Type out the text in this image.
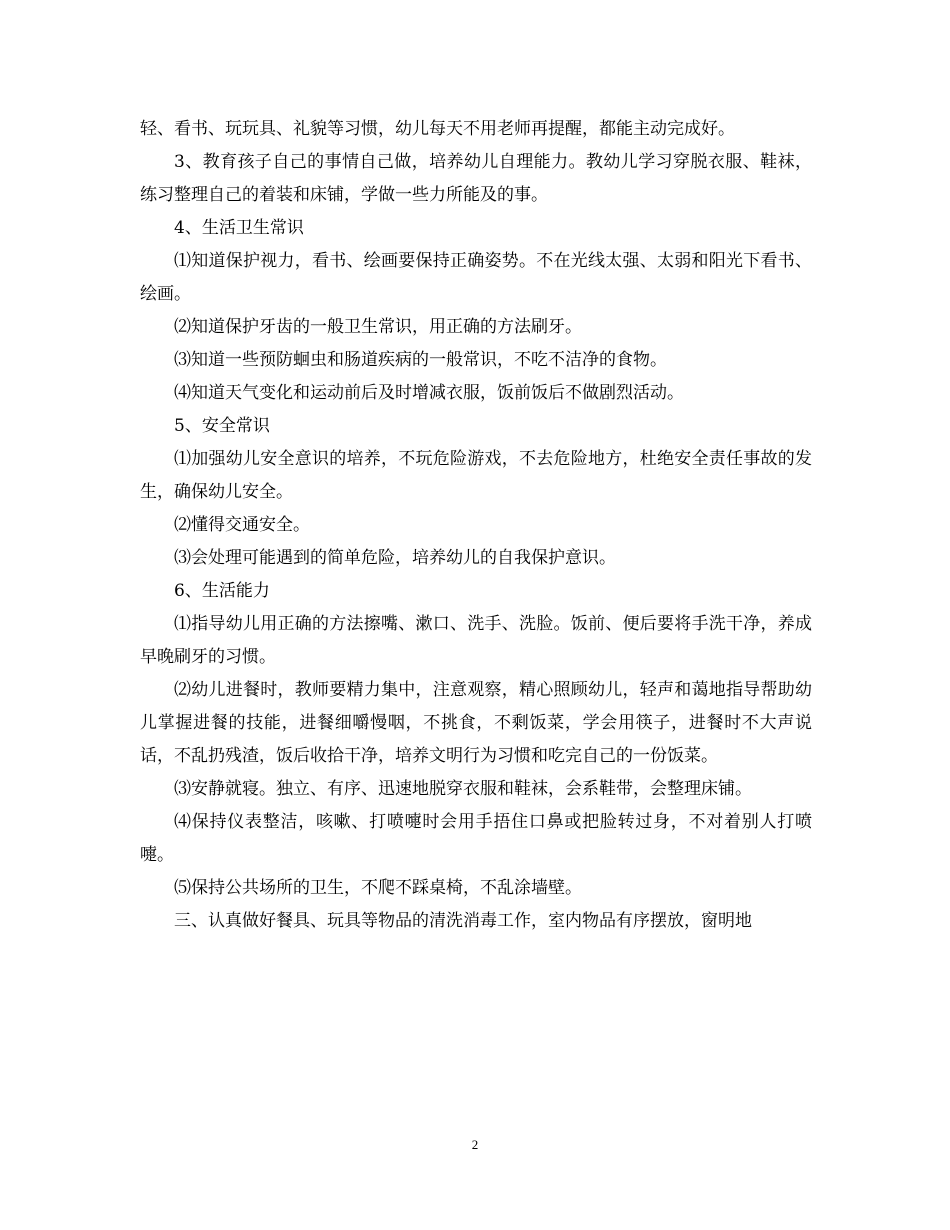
轻、看书、玩玩具、礼貌等习惯，幼儿每天不用老师再提醒，都能主动完成好。

3、教育孩子自己的事情自己做，培养幼儿自理能力。教幼儿学习穿脱衣服、鞋袜，练习整理自己的着装和床铺，学做一些力所能及的事。

4、生活卫生常识

⑴知道保护视力，看书、绘画要保持正确姿势。不在光线太强、太弱和阳光下看书、绘画。

⑵知道保护牙齿的一般卫生常识，用正确的方法刷牙。

⑶知道一些预防蛔虫和肠道疾病的一般常识，不吃不洁净的食物。

⑷知道天气变化和运动前后及时增减衣服，饭前饭后不做剧烈活动。

5、安全常识

⑴加强幼儿安全意识的培养，不玩危险游戏，不去危险地方，杜绝安全责任事故的发生，确保幼儿安全。

⑵懂得交通安全。

⑶会处理可能遇到的简单危险，培养幼儿的自我保护意识。

6、生活能力

⑴指导幼儿用正确的方法擦嘴、漱口、洗手、洗脸。饭前、便后要将手洗干净，养成早晚刷牙的习惯。

⑵幼儿进餐时，教师要精力集中，注意观察，精心照顾幼儿，轻声和蔼地指导帮助幼儿掌握进餐的技能，进餐细嚼慢咽，不挑食，不剩饭菜，学会用筷子，进餐时不大声说话，不乱扔残渣，饭后收拾干净，培养文明行为习惯和吃完自己的一份饭菜。

⑶安静就寝。独立、有序、迅速地脱穿衣服和鞋袜，会系鞋带，会整理床铺。

⑷保持仪表整洁，咳嗽、打喷嚏时会用手捂住口鼻或把脸转过身，不对着别人打喷嚏。

⑸保持公共场所的卫生，不爬不踩桌椅，不乱涂墙壁。

三、认真做好餐具、玩具等物品的清洗消毒工作，室内物品有序摆放，窗明地

2
